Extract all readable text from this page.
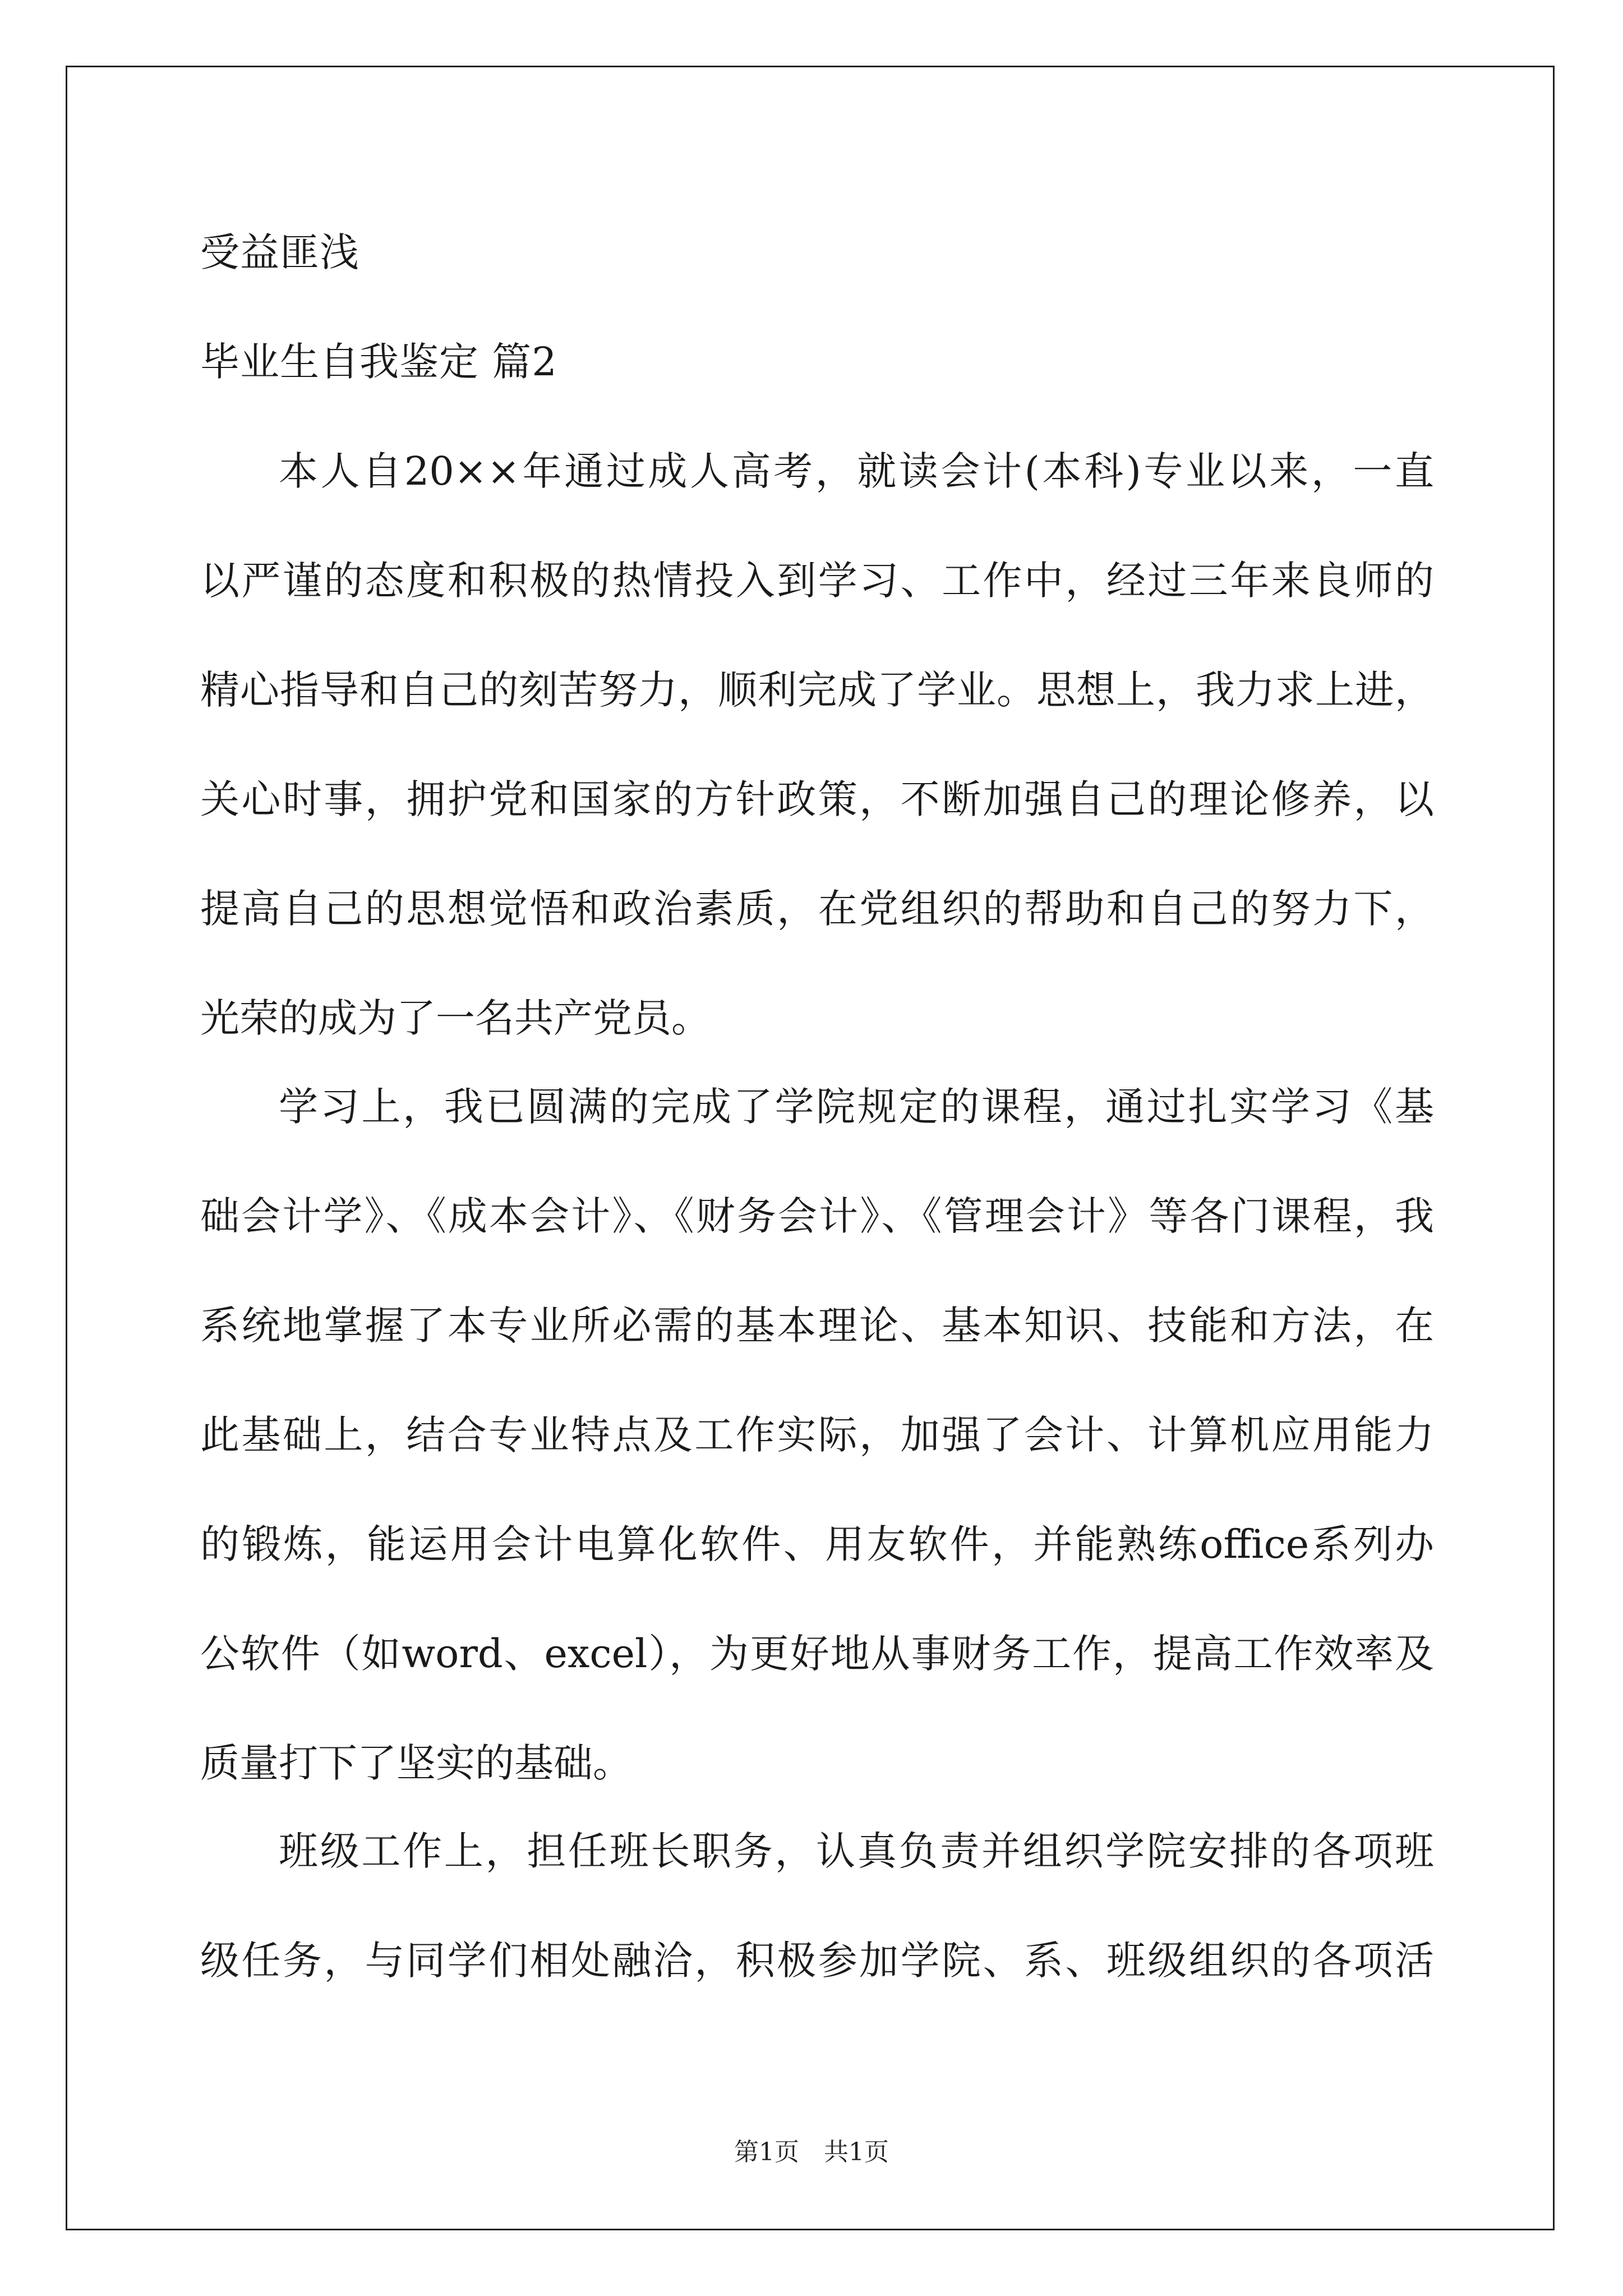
受益匪浅
毕业生自我鉴定 篇2
本人自20××年通过成人高考，就读会计(本科)专业以来，一直
以严谨的态度和积极的热情投入到学习、工作中，经过三年来良师的
精心指导和自己的刻苦努力，顺利完成了学业。思想上，我力求上进，
关心时事，拥护党和国家的方针政策，不断加强自己的理论修养，以
提高自己的思想觉悟和政治素质，在党组织的帮助和自己的努力下，
光荣的成为了一名共产党员。
学习上，我已圆满的完成了学院规定的课程，通过扎实学习《基
础会计学》、《成本会计》、《财务会计》、《管理会计》等各门课程，我
系统地掌握了本专业所必需的基本理论、基本知识、技能和方法，在
此基础上，结合专业特点及工作实际，加强了会计、计算机应用能力
的锻炼，能运用会计电算化软件、用友软件，并能熟练office系列办
公软件（如word、excel），为更好地从事财务工作，提高工作效率及
质量打下了坚实的基础。
班级工作上，担任班长职务，认真负责并组织学院安排的各项班
级任务，与同学们相处融洽，积极参加学院、系、班级组织的各项活
第1页 共1页
